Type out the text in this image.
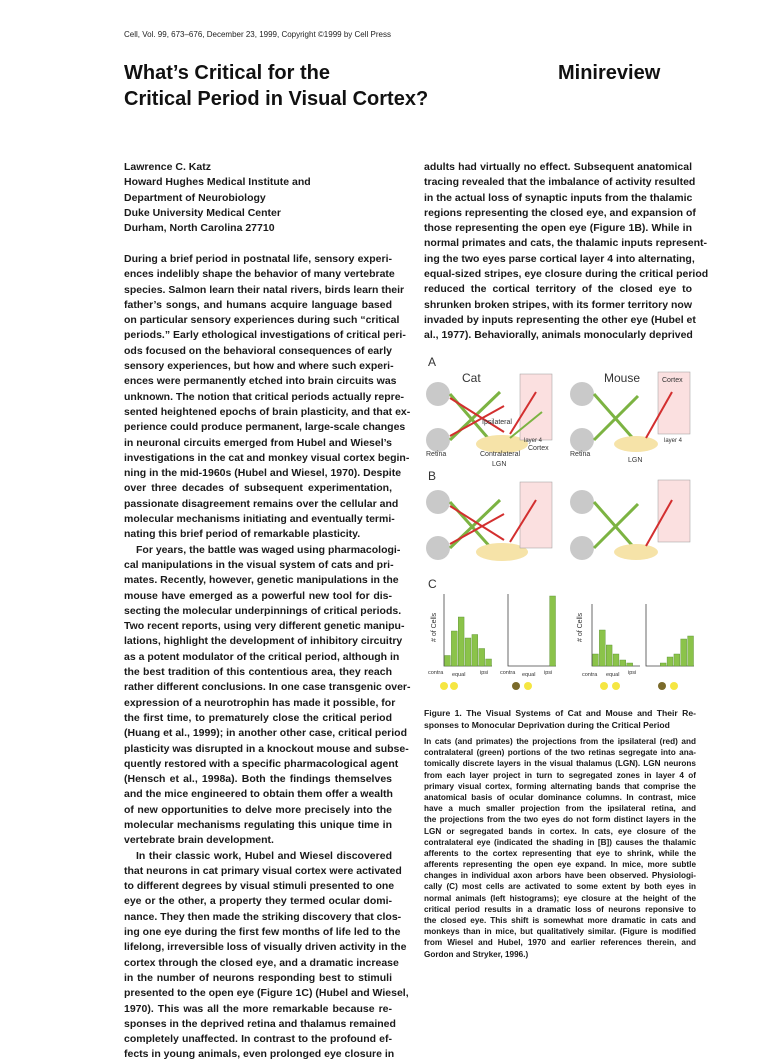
Cell, Vol. 99, 673–676, December 23, 1999, Copyright ©1999 by Cell Press
What’s Critical for the
Critical Period in Visual Cortex?
Minireview
Lawrence C. Katz
Howard Hughes Medical Institute and
Department of Neurobiology
Duke University Medical Center
Durham, North Carolina 27710
During a brief period in postnatal life, sensory experi-
ences indelibly shape the behavior of many vertebrate
species. Salmon learn their natal rivers, birds learn their
father’s songs, and humans acquire language based
on particular sensory experiences during such “critical
periods.” Early ethological investigations of critical peri-
ods focused on the behavioral consequences of early
sensory experiences, but how and where such experi-
ences were permanently etched into brain circuits was
unknown. The notion that critical periods actually repre-
sented heightened epochs of brain plasticity, and that ex-
perience could produce permanent, large-scale changes
in neuronal circuits emerged from Hubel and Wiesel’s
investigations in the cat and monkey visual cortex begin-
ning in the mid-1960s (Hubel and Wiesel, 1970). Despite
over three decades of subsequent experimentation,
passionate disagreement remains over the cellular and
molecular mechanisms initiating and eventually termi-
nating this brief period of remarkable plasticity.
For years, the battle was waged using pharmacologi-
cal manipulations in the visual system of cats and pri-
mates. Recently, however, genetic manipulations in the
mouse have emerged as a powerful new tool for dis-
secting the molecular underpinnings of critical periods.
Two recent reports, using very different genetic manipu-
lations, highlight the development of inhibitory circuitry
as a potent modulator of the critical period, although in
the best tradition of this contentious area, they reach
rather different conclusions. In one case transgenic over-
expression of a neurotrophin has made it possible, for
the first time, to prematurely close the critical period
(Huang et al., 1999); in another other case, critical period
plasticity was disrupted in a knockout mouse and subse-
quently restored with a specific pharmacological agent
(Hensch et al., 1998a). Both the findings themselves
and the mice engineered to obtain them offer a wealth
of new opportunities to delve more precisely into the
molecular mechanisms regulating this unique time in
vertebrate brain development.
In their classic work, Hubel and Wiesel discovered
that neurons in cat primary visual cortex were activated
to different degrees by visual stimuli presented to one
eye or the other, a property they termed ocular domi-
nance. They then made the striking discovery that clos-
ing one eye during the first few months of life led to the
lifelong, irreversible loss of visually driven activity in the
cortex through the closed eye, and a dramatic increase
in the number of neurons responding best to stimuli
presented to the open eye (Figure 1C) (Hubel and Wiesel,
1970). This was all the more remarkable because re-
sponses in the deprived retina and thalamus remained
completely unaffected. In contrast to the profound ef-
fects in young animals, even prolonged eye closure in
adults had virtually no effect. Subsequent anatomical
tracing revealed that the imbalance of activity resulted
in the actual loss of synaptic inputs from the thalamic
regions representing the closed eye, and expansion of
those representing the open eye (Figure 1B). While in
normal primates and cats, the thalamic inputs represent-
ing the two eyes parse cortical layer 4 into alternating,
equal-sized stripes, eye closure during the critical period
reduced the cortical territory of the closed eye to
shrunken broken stripes, with its former territory now
invaded by inputs representing the other eye (Hubel et
al., 1977). Behaviorally, animals monocularly deprived
A
B
C
Cat
Ipsilateral
Contralateral
layer 4
Cortex
Retina
LGN
Mouse	Cortex
layer 4
Retina
LGN
# of Cells	# of Cells
contra equal	ipsi contra equal ipsi	contra equal ipsi
Figure 1. The Visual Systems of Cat and Mouse and Their Re-
sponses to Monocular Deprivation during the Critical Period
In cats (and primates) the projections from the ipsilateral (red) and
contralateral (green) portions of the two retinas segregate into ana-
tomically discrete layers in the visual thalamus (LGN). LGN neurons
from each layer project in turn to segregated zones in layer 4 of
primary visual cortex, forming alternating bands that comprise the
anatomical basis of ocular dominance columns. In contrast, mice
have a much smaller projection from the ipsilateral retina, and
the projections from the two eyes do not form distinct layers in the
LGN or segregated bands in cortex. In cats, eye closure of the
contralateral eye (indicated the shading in [B]) causes the thalamic
afferents to the cortex representing that eye to shrink, while the
afferents representing the open eye expand. In mice, more subtle
changes in individual axon arbors have been observed. Physiologi-
cally (C) most cells are activated to some extent by both eyes in
normal animals (left histograms); eye closure at the height of the
critical period results in a dramatic loss of neurons reponsive to
the closed eye. This shift is somewhat more dramatic in cats and
monkeys than in mice, but qualitatively similar. (Figure is modified
from Wiesel and Hubel, 1970 and earlier references therein, and
Gordon and Stryker, 1996.)
